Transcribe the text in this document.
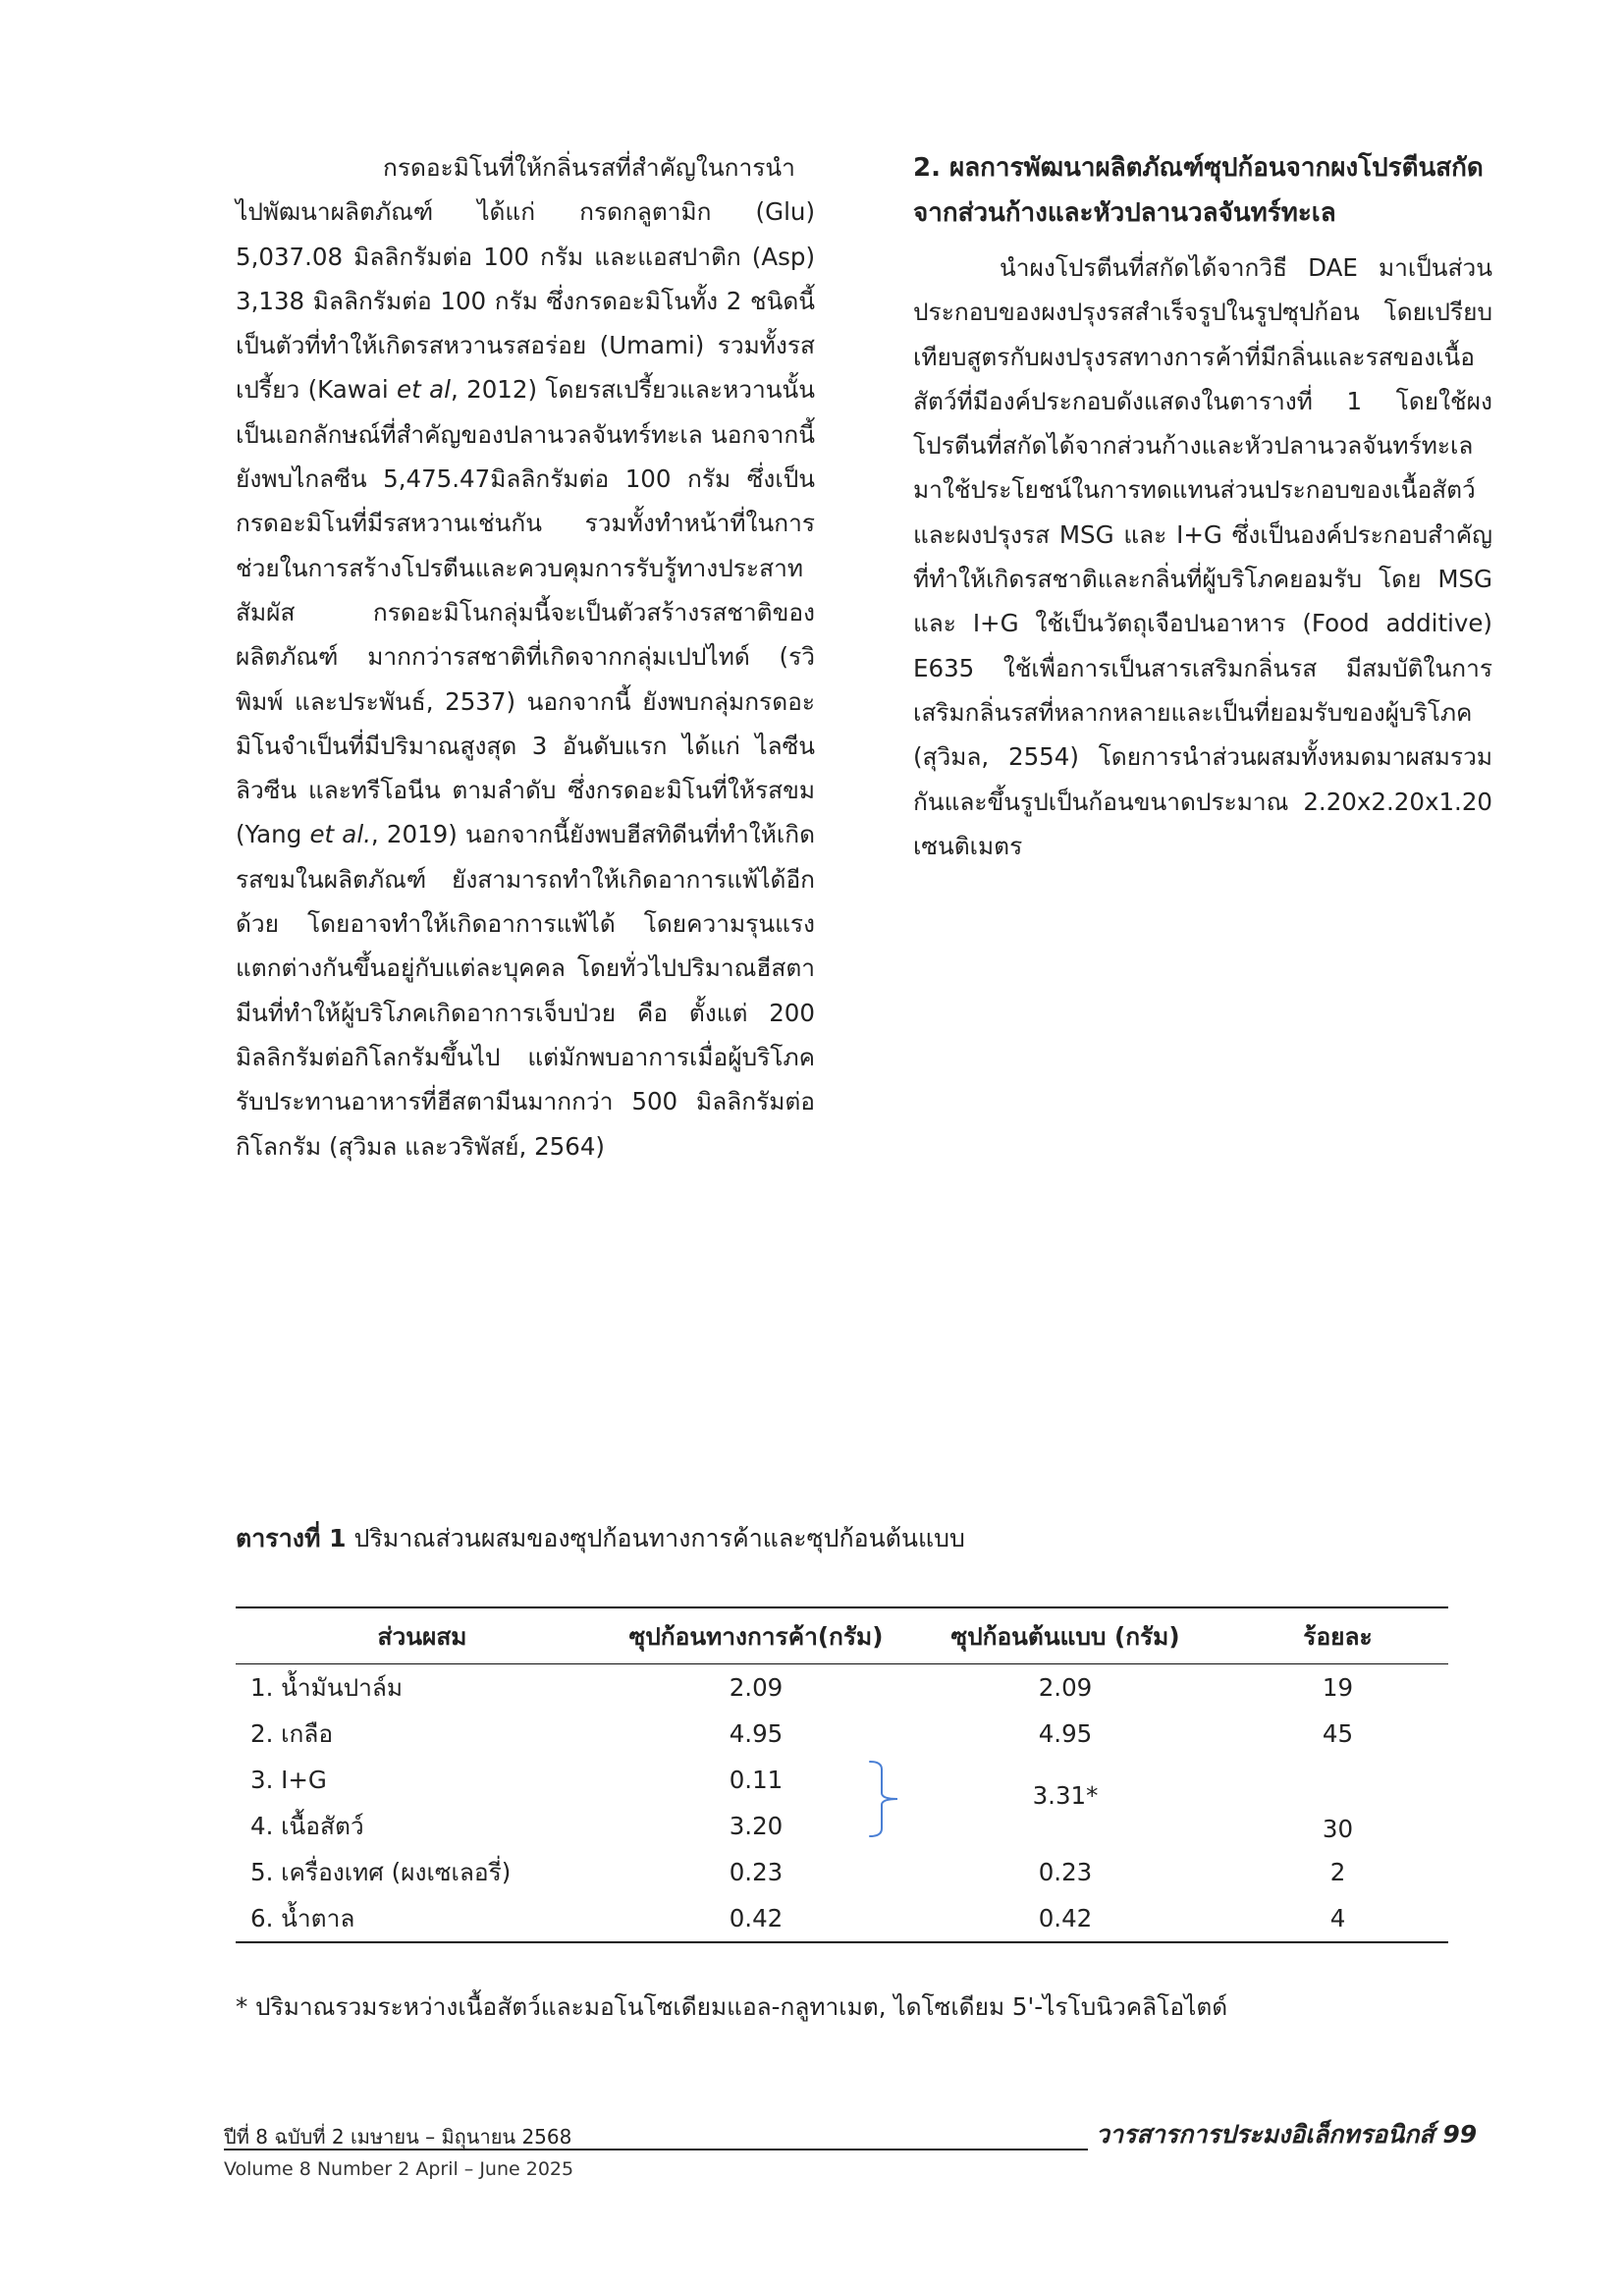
กรดอะมิโนที่ให้กลิ่นรสที่สำคัญในการนำไปพัฒนาผลิตภัณฑ์ ได้แก่ กรดกลูตามิก (Glu) 5,037.08 มิลลิกรัมต่อ 100 กรัม และแอสปาติก (Asp) 3,138 มิลลิกรัมต่อ 100 กรัม ซึ่งกรดอะมิโนทั้ง 2 ชนิดนี้เป็นตัวที่ทำให้เกิดรสหวานรสอร่อย (Umami) รวมทั้งรสเปรี้ยว (Kawai et al, 2012) โดยรสเปรี้ยวและหวานนั้นเป็นเอกลักษณ์ที่สำคัญของปลานวลจันทร์ทะเล นอกจากนี้ ยังพบไกลซีน 5,475.47มิลลิกรัมต่อ 100 กรัม ซึ่งเป็นกรดอะมิโนที่มีรสหวานเช่นกัน รวมทั้งทำหน้าที่ในการช่วยในการสร้างโปรตีนและควบคุมการรับรู้ทางประสาทสัมผัส กรดอะมิโนกลุ่มนี้จะเป็นตัวสร้างรสชาติของผลิตภัณฑ์ มากกว่ารสชาติที่เกิดจากกลุ่มเปปไทด์ (รวิพิมพ์ และประพันธ์, 2537) นอกจากนี้ ยังพบกลุ่มกรดอะมิโนจำเป็นที่มีปริมาณสูงสุด 3 อันดับแรก ได้แก่ ไลซีน ลิวซีน และทรีโอนีน ตามลำดับ ซึ่งกรดอะมิโนที่ให้รสขม (Yang et al., 2019) นอกจากนี้ยังพบฮีสทิดีนที่ทำให้เกิดรสขมในผลิตภัณฑ์ ยังสามารถทำให้เกิดอาการแพ้ได้อีกด้วย โดยอาจทำให้เกิดอาการแพ้ได้ โดยความรุนแรงแตกต่างกันขึ้นอยู่กับแต่ละบุคคล โดยทั่วไปปริมาณฮีสตามีนที่ทำให้ผู้บริโภคเกิดอาการเจ็บป่วย คือ ตั้งแต่ 200 มิลลิกรัมต่อกิโลกรัมขึ้นไป แต่มักพบอาการเมื่อผู้บริโภครับประทานอาหารที่ฮีสตามีนมากกว่า 500 มิลลิกรัมต่อกิโลกรัม (สุวิมล และวริพัสย์, 2564)

2. ผลการพัฒนาผลิตภัณฑ์ซุปก้อนจากผงโปรตีนสกัดจากส่วนก้างและหัวปลานวลจันทร์ทะเล

นำผงโปรตีนที่สกัดได้จากวิธี DAE มาเป็นส่วนประกอบของผงปรุงรสสำเร็จรูปในรูปซุปก้อน โดยเปรียบเทียบสูตรกับผงปรุงรสทางการค้าที่มีกลิ่นและรสของเนื้อสัตว์ที่มีองค์ประกอบดังแสดงในตารางที่ 1 โดยใช้ผงโปรตีนที่สกัดได้จากส่วนก้างและหัวปลานวลจันทร์ทะเลมาใช้ประโยชน์ในการทดแทนส่วนประกอบของเนื้อสัตว์และผงปรุงรส MSG และ I+G ซึ่งเป็นองค์ประกอบสำคัญที่ทำให้เกิดรสชาติและกลิ่นที่ผู้บริโภคยอมรับ โดย MSG และ I+G ใช้เป็นวัตถุเจือปนอาหาร (Food additive) E635 ใช้เพื่อการเป็นสารเสริมกลิ่นรส มีสมบัติในการเสริมกลิ่นรสที่หลากหลายและเป็นที่ยอมรับของผู้บริโภค (สุวิมล, 2554) โดยการนำส่วนผสมทั้งหมดมาผสมรวมกันและขึ้นรูปเป็นก้อนขนาดประมาณ 2.20x2.20x1.20 เซนติเมตร

ตารางที่ 1 ปริมาณส่วนผสมของซุปก้อนทางการค้าและซุปก้อนต้นแบบ
ส่วนผสม	ซุปก้อนทางการค้า(กรัม)	ซุปก้อนต้นแบบ (กรัม)	ร้อยละ
1. น้ำมันปาล์ม	2.09	2.09	19
2. เกลือ	4.95	4.95	45
3. I+G	0.11	3.31*	30
4. เนื้อสัตว์	3.20		
5. เครื่องเทศ (ผงเซเลอรี่)	0.23	0.23	2
6. น้ำตาล	0.42	0.42	4
* ปริมาณรวมระหว่างเนื้อสัตว์และมอโนโซเดียมแอล-กลูทาเมต, ไดโซเดียม 5'-ไรโบนิวคลิโอไตด์
ปีที่ 8 ฉบับที่ 2 เมษายน – มิถุนายน 2568
Volume 8 Number 2 April – June 2025
วารสารการประมงอิเล็กทรอนิกส์ 99
